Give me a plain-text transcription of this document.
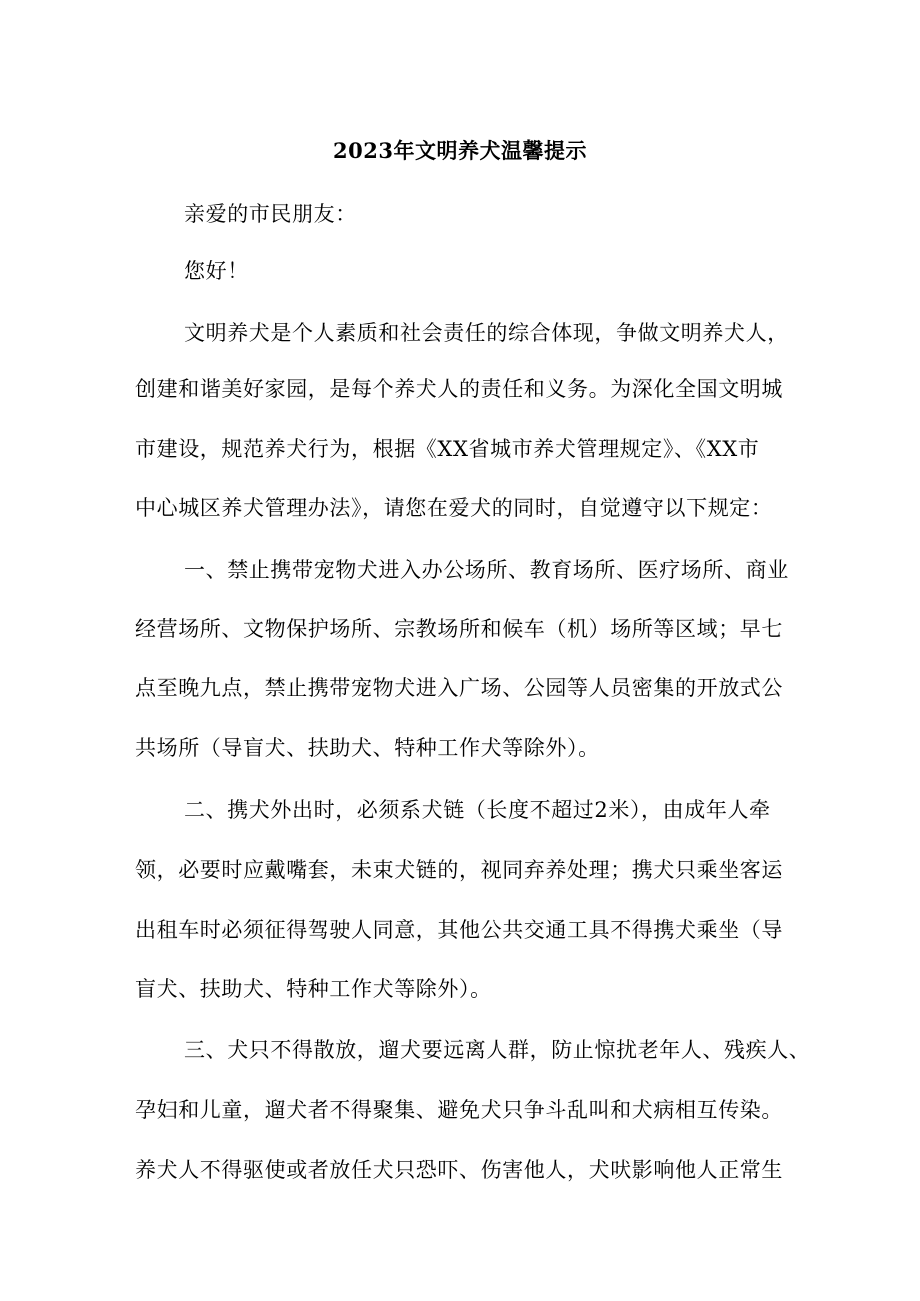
2023年文明养犬温馨提示
亲爱的市民朋友：
您好！
文明养犬是个人素质和社会责任的综合体现，争做文明养犬人，
创建和谐美好家园，是每个养犬人的责任和义务。为深化全国文明城
市建设，规范养犬行为，根据《XX省城市养犬管理规定》、《XX市
中心城区养犬管理办法》，请您在爱犬的同时，自觉遵守以下规定：
一、禁止携带宠物犬进入办公场所、教育场所、医疗场所、商业
经营场所、文物保护场所、宗教场所和候车（机）场所等区域；早七
点至晚九点，禁止携带宠物犬进入广场、公园等人员密集的开放式公
共场所（导盲犬、扶助犬、特种工作犬等除外）。
二、携犬外出时，必须系犬链（长度不超过2米），由成年人牵
领，必要时应戴嘴套，未束犬链的，视同弃养处理；携犬只乘坐客运
出租车时必须征得驾驶人同意，其他公共交通工具不得携犬乘坐（导
盲犬、扶助犬、特种工作犬等除外）。
三、犬只不得散放，遛犬要远离人群，防止惊扰老年人、残疾人、
孕妇和儿童，遛犬者不得聚集、避免犬只争斗乱叫和犬病相互传染。
养犬人不得驱使或者放任犬只恐吓、伤害他人，犬吠影响他人正常生
